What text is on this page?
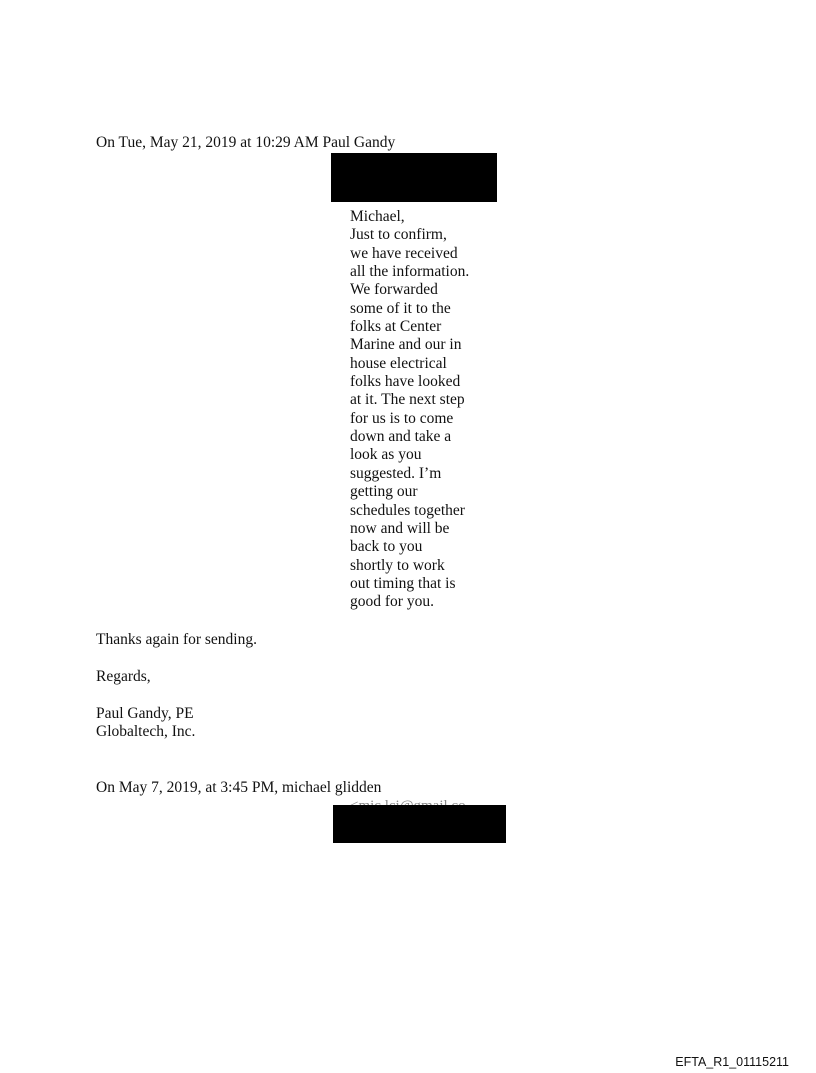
On Tue, May 21, 2019 at 10:29 AM Paul Gandy
Michael,
Just to confirm,
we have received
all the information.
We forwarded
some of it to the
folks at Center
Marine and our in
house electrical
folks have looked
at it. The next step
for us is to come
down and take a
look as you
suggested. I’m
getting our
schedules together
now and will be
back to you
shortly to work
out timing that is
good for you.
Thanks again for sending.
Regards,
Paul Gandy, PE
Globaltech, Inc.
On May 7, 2019, at 3:45 PM, michael glidden
EFTA_R1_01115211
